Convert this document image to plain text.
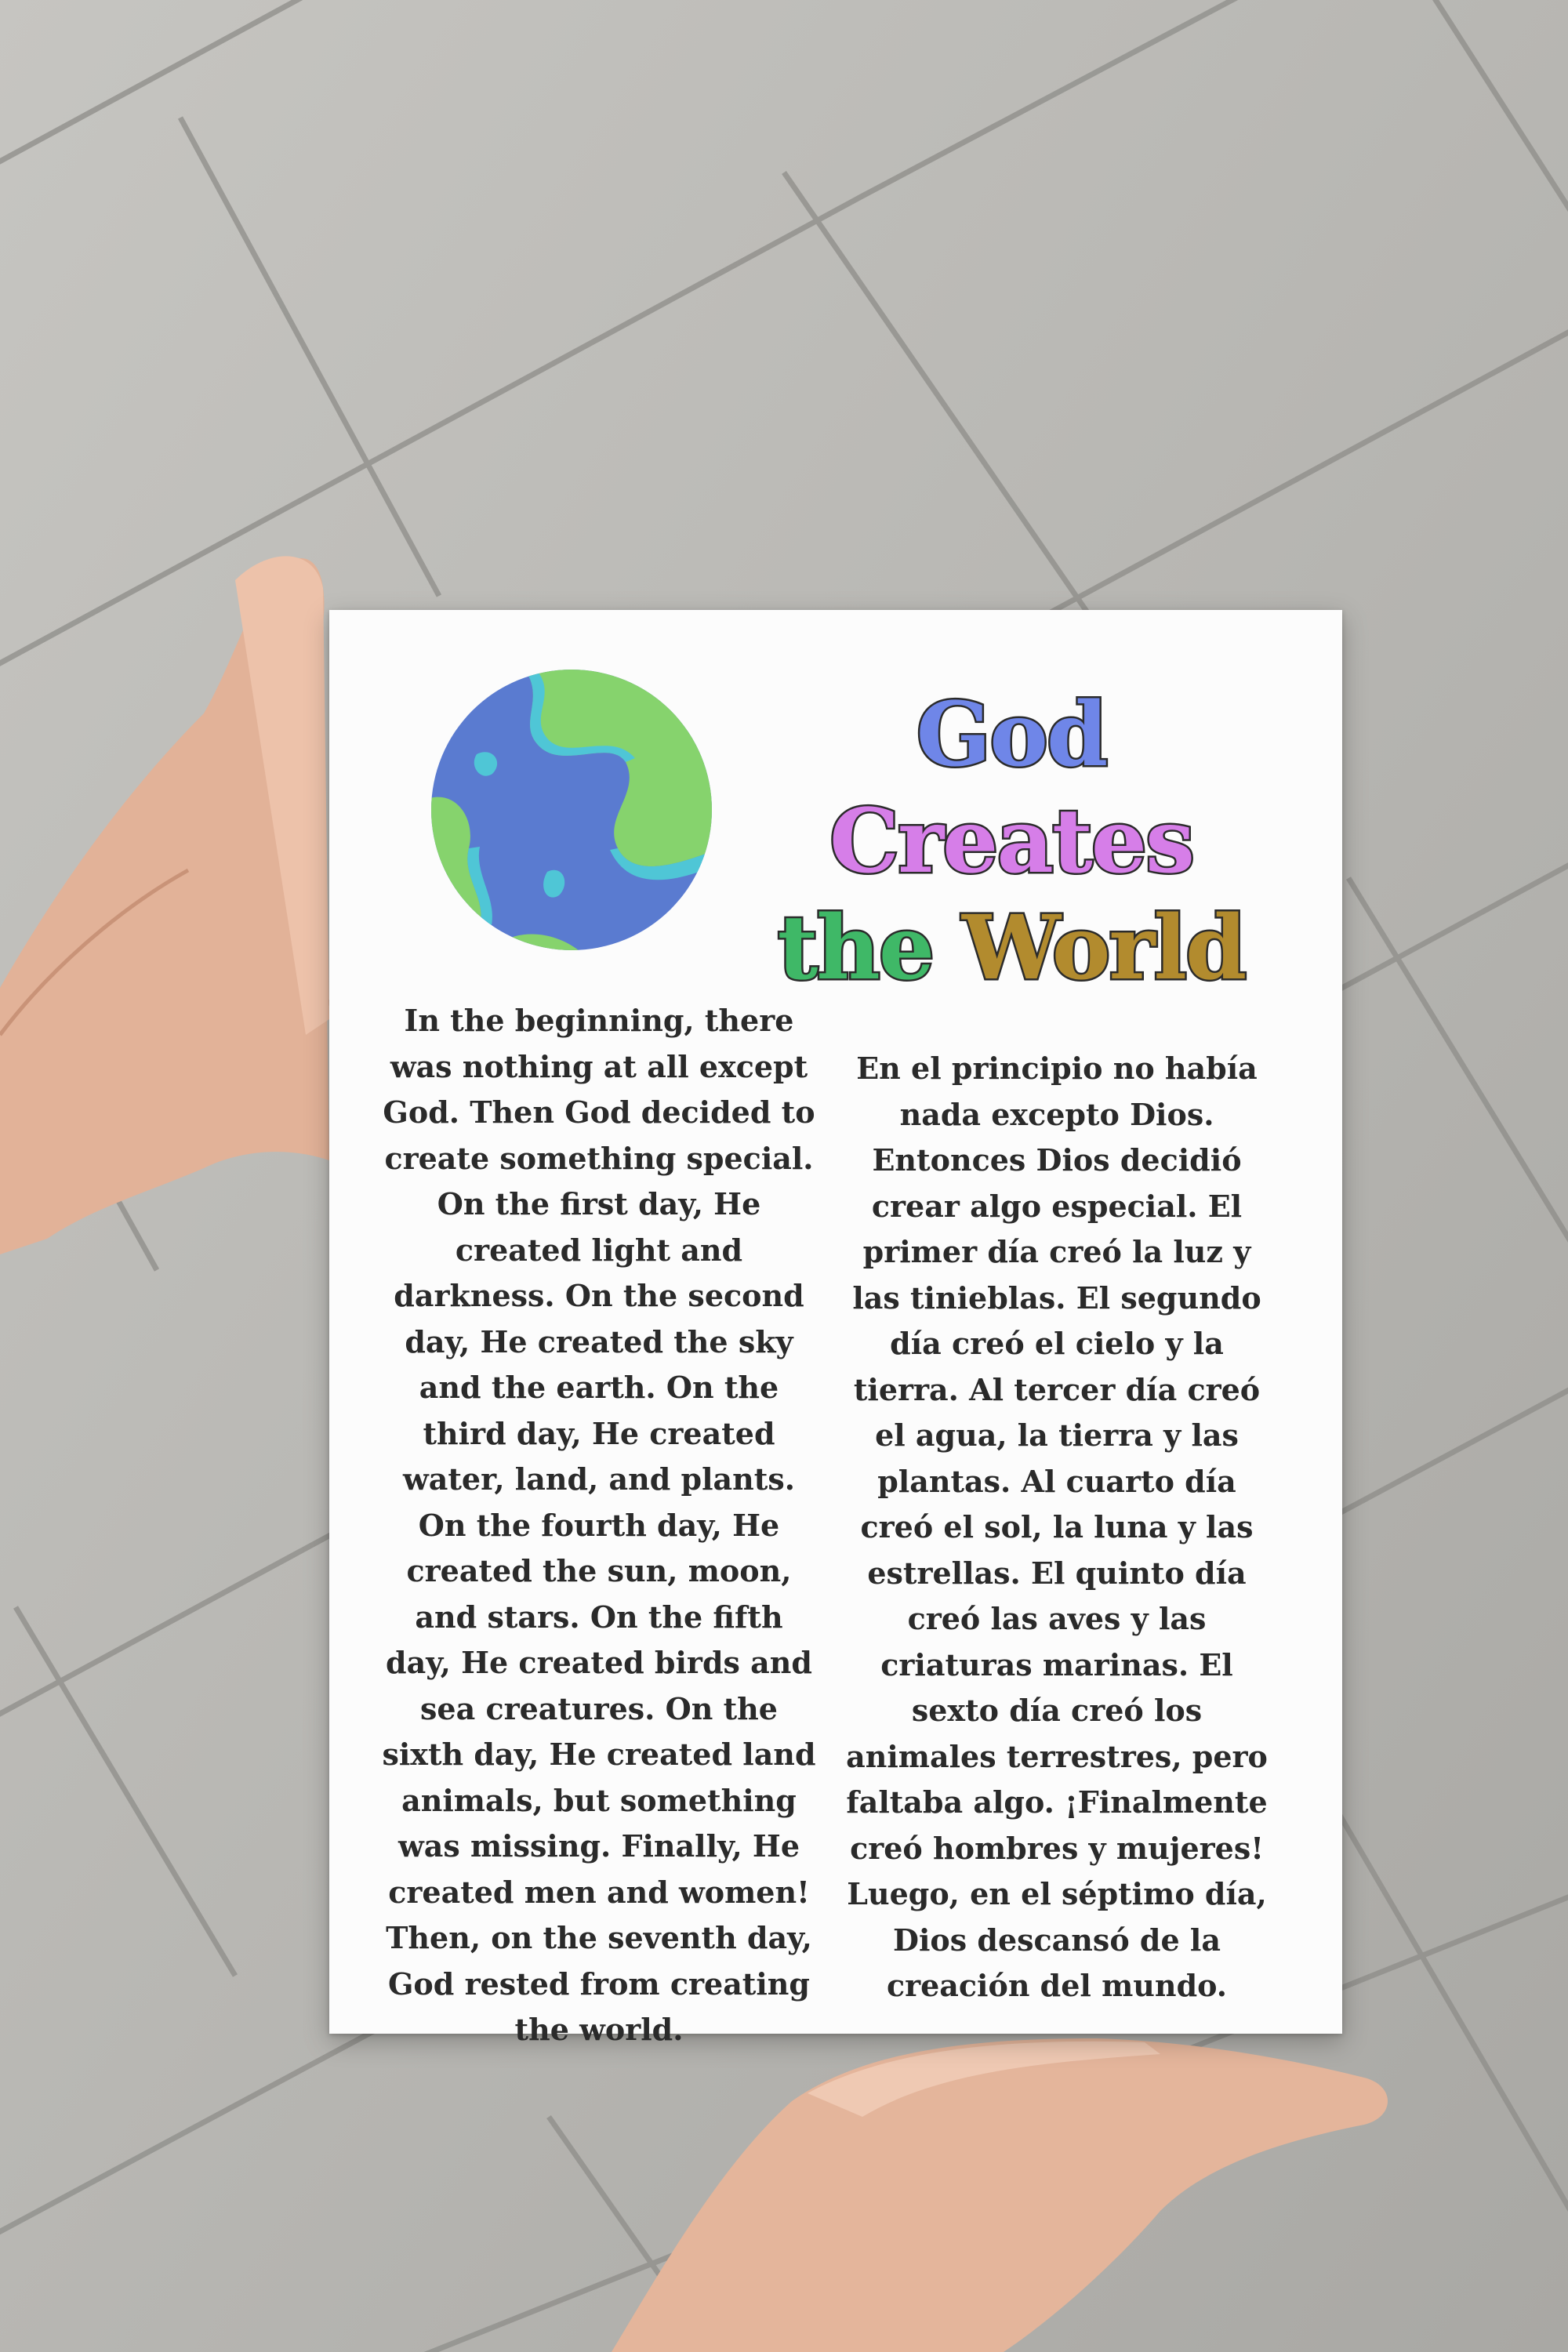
God Creates
the World
In the beginning, there was nothing at all except God. Then God decided to create something special. On the first day, He created light and darkness. On the second day, He created the sky and the earth. On the third day, He created water, land, and plants. On the fourth day, He created the sun, moon, and stars. On the fifth day, He created birds and sea creatures. On the sixth day, He created land animals, but something was missing. Finally, He created men and women! Then, on the seventh day, God rested from creating the world.
En el principio no había nada excepto Dios. Entonces Dios decidió crear algo especial. El primer día creó la luz y las tinieblas. El segundo día creó el cielo y la tierra. Al tercer día creó el agua, la tierra y las plantas. Al cuarto día creó el sol, la luna y las estrellas. El quinto día creó las aves y las criaturas marinas. El sexto día creó los animales terrestres, pero faltaba algo. ¡Finalmente creó hombres y mujeres! Luego, en el séptimo día, Dios descansó de la creación del mundo.
